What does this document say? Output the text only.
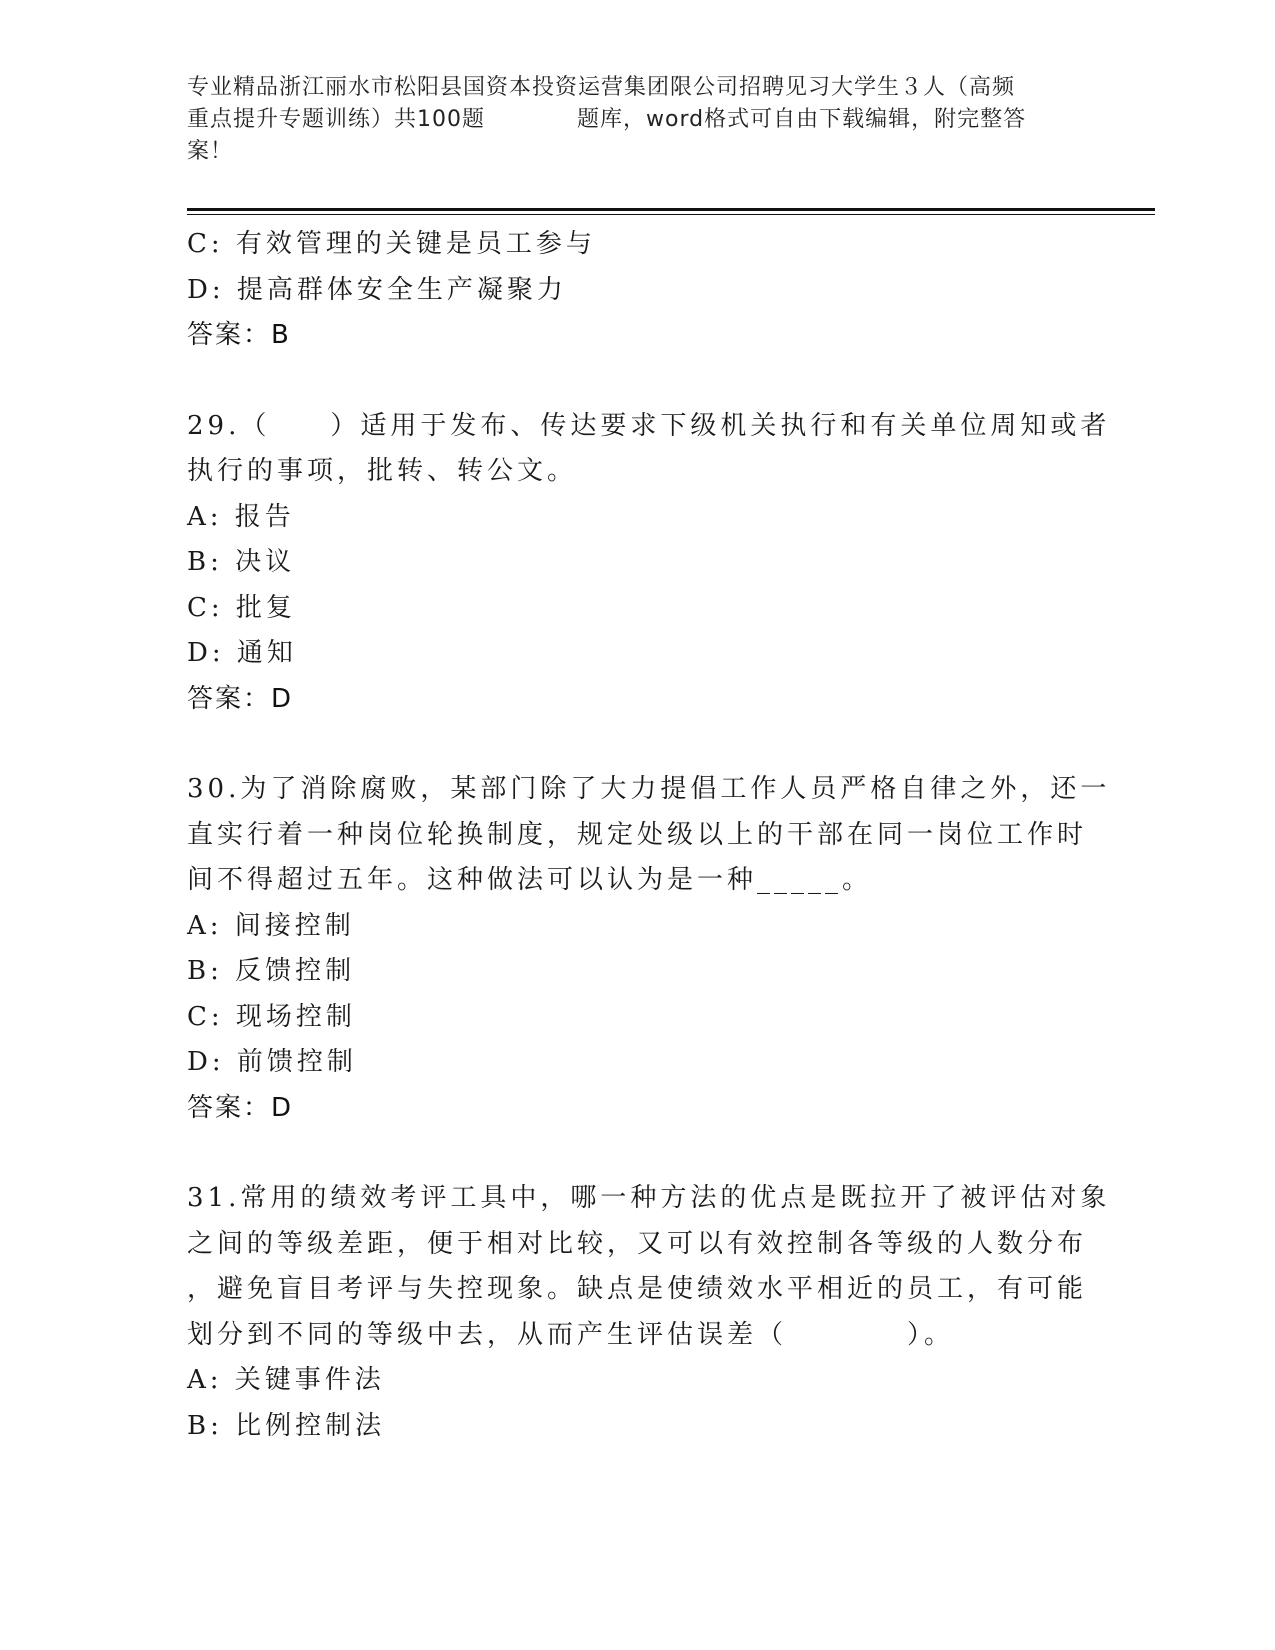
专业精品浙江丽水市松阳县国资本投资运营集团限公司招聘见习大学生３人（高频
重点提升专题训练）共100题　　　　题库，word格式可自由下载编辑，附完整答
案！
C: 有效管理的关键是员工参与
D: 提高群体安全生产凝聚力
答案：B
29.（　　）适用于发布、传达要求下级机关执行和有关单位周知或者
执行的事项，批转、转公文。
A: 报告
B: 决议
C: 批复
D: 通知
答案：D
30.为了消除腐败，某部门除了大力提倡工作人员严格自律之外，还一
直实行着一种岗位轮换制度，规定处级以上的干部在同一岗位工作时
间不得超过五年。这种做法可以认为是一种_____。
A: 间接控制
B: 反馈控制
C: 现场控制
D: 前馈控制
答案：D
31.常用的绩效考评工具中，哪一种方法的优点是既拉开了被评估对象
之间的等级差距，便于相对比较，又可以有效控制各等级的人数分布
，避免盲目考评与失控现象。缺点是使绩效水平相近的员工，有可能
划分到不同的等级中去，从而产生评估误差（　　　　）。
A: 关键事件法
B: 比例控制法
